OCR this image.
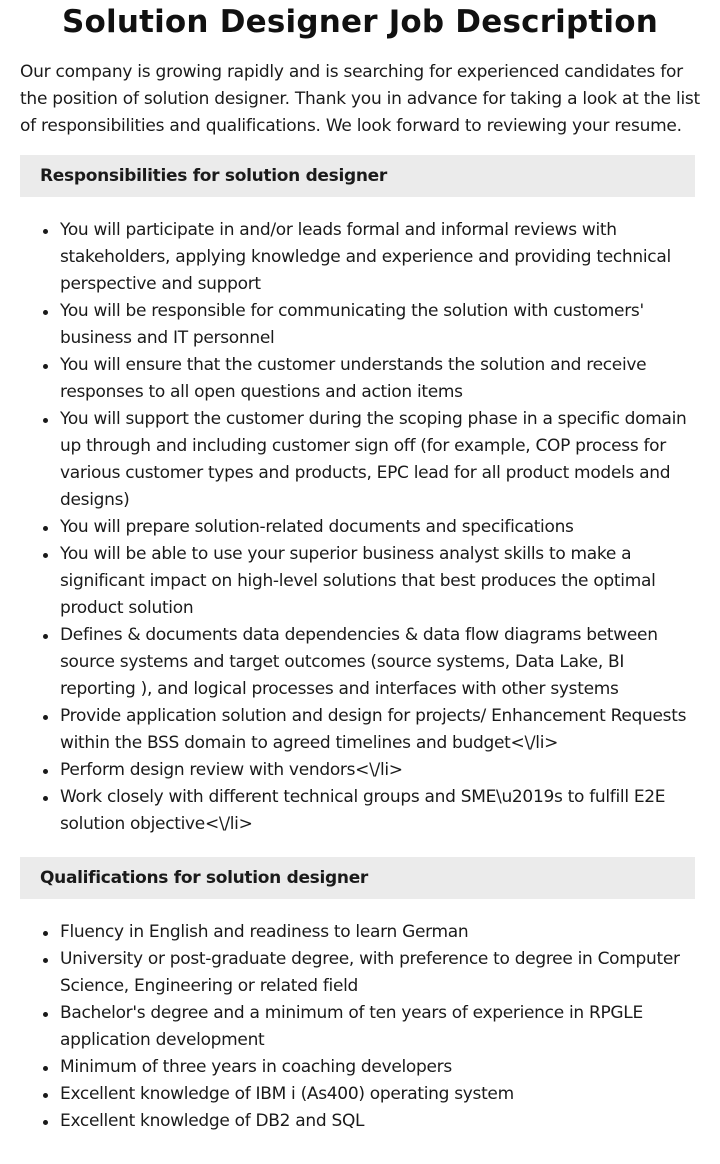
Solution Designer Job Description

Our company is growing rapidly and is searching for experienced candidates for the position of solution designer. Thank you in advance for taking a look at the list of responsibilities and qualifications. We look forward to reviewing your resume.

Responsibilities for solution designer
You will participate in and/or leads formal and informal reviews with stakeholders, applying knowledge and experience and providing technical perspective and support
You will be responsible for communicating the solution with customers' business and IT personnel
You will ensure that the customer understands the solution and receive responses to all open questions and action items
You will support the customer during the scoping phase in a specific domain up through and including customer sign off (for example, COP process for various customer types and products, EPC lead for all product models and designs)
You will prepare solution-related documents and specifications
You will be able to use your superior business analyst skills to make a significant impact on high-level solutions that best produces the optimal product solution
Defines & documents data dependencies & data flow diagrams between source systems and target outcomes (source systems, Data Lake, BI reporting ), and logical processes and interfaces with other systems
Provide application solution and design for projects/ Enhancement Requests within the BSS domain to agreed timelines and budget<\/li>
Perform design review with vendors<\/li>
Work closely with different technical groups and SME\u2019s to fulfill E2E solution objective<\/li>
Qualifications for solution designer
Fluency in English and readiness to learn German
University or post-graduate degree, with preference to degree in Computer Science, Engineering or related field
Bachelor's degree and a minimum of ten years of experience in RPGLE application development
Minimum of three years in coaching developers
Excellent knowledge of IBM i (As400) operating system
Excellent knowledge of DB2 and SQL
